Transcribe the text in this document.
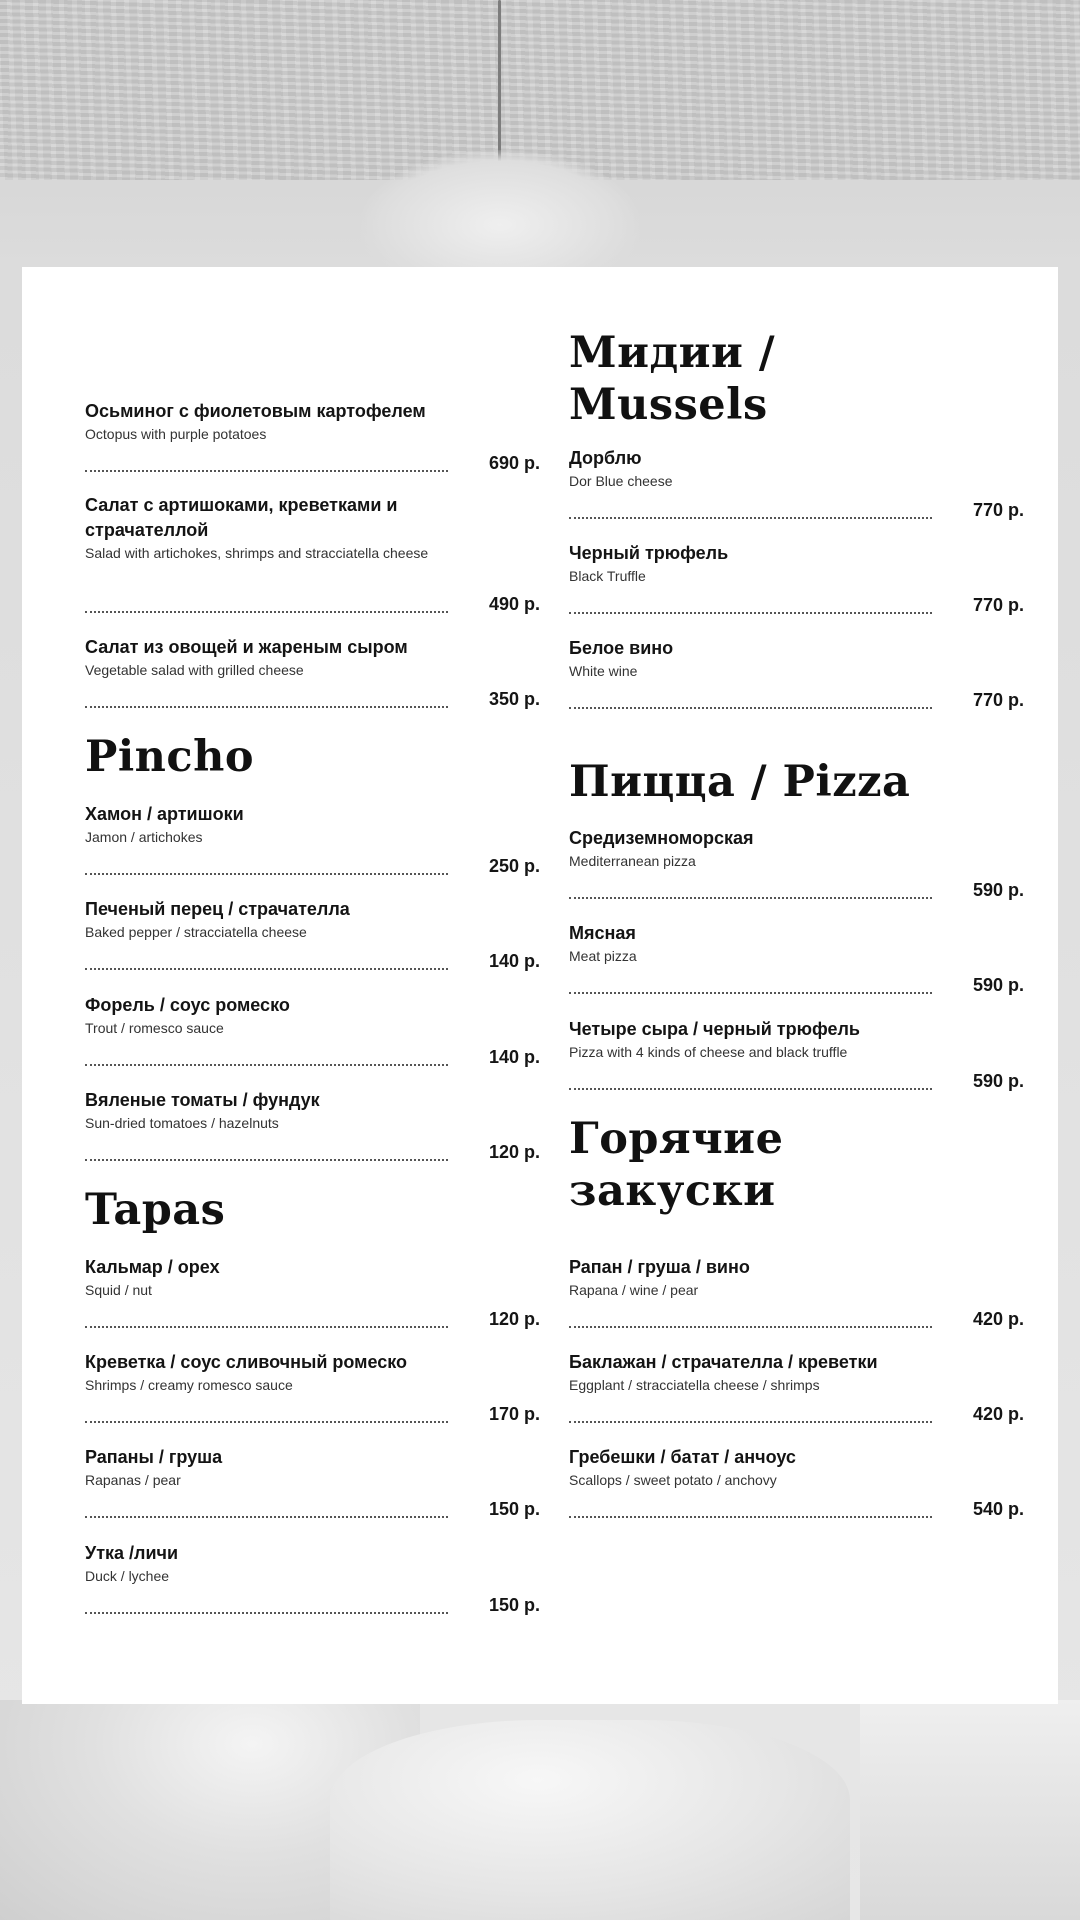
Осьминог с фиолетовым картофелем
Octopus with purple potatoes
690 р.
Салат с артишоками, креветками и страчателлой
Salad with artichokes, shrimps and stracciatella cheese
490 р.
Салат из овощей и жареным сыром
Vegetable salad with grilled cheese
350 р.
Pincho
Хамон / артишоки
Jamon / artichokes
250 р.
Печеный перец / страчателла
Baked pepper / stracciatella cheese
140 р.
Форель / соус ромеско
Trout / romesco sauce
140 р.
Вяленые томаты / фундук
Sun-dried tomatoes / hazelnuts
120 р.
Tapas
Кальмар / орех
Squid / nut
120 р.
Креветка / соус сливочный ромеско
Shrimps / creamy romesco sauce
170 р.
Рапаны / груша
Rapanas / pear
150 р.
Утка /личи
Duck / lychee
150 р.
Мидии / Mussels
Дорблю
Dor Blue cheese
770 р.
Черный трюфель
Black Truffle
770 р.
Белое вино
White wine
770 р.
Пицца / Pizza
Средиземноморская
Mediterranean pizza
590 р.
Мясная
Meat pizza
590 р.
Четыре сыра / черный трюфель
Pizza with 4 kinds of cheese and black truffle
590 р.
Горячие закуски
Рапан / груша / вино
Rapana / wine / pear
420 р.
Баклажан / страчателла / креветки
Eggplant / stracciatella cheese / shrimps
420 р.
Гребешки / батат / анчоус
Scallops / sweet potato / anchovy
540 р.
